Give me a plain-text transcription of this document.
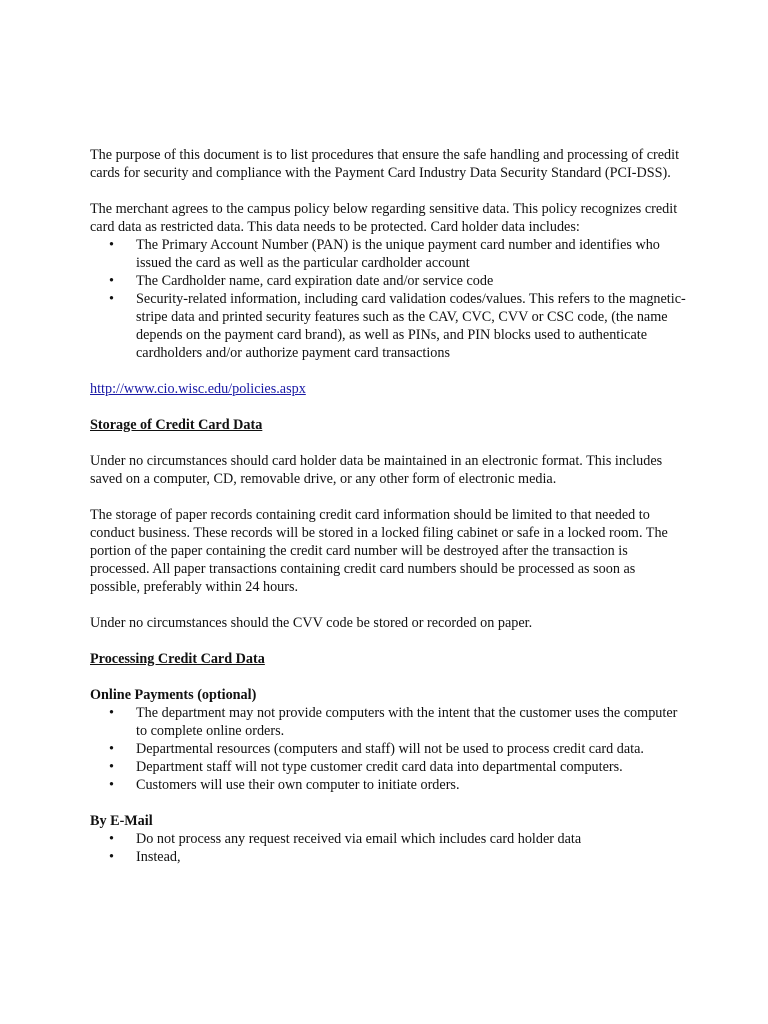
The purpose of this document is to list procedures that ensure the safe handling and processing of credit cards for security and compliance with the Payment Card Industry Data Security Standard (PCI-DSS).

The merchant agrees to the campus policy below regarding sensitive data. This policy recognizes credit card data as restricted data. This data needs to be protected. Card holder data includes:

• The Primary Account Number (PAN) is the unique payment card number and identifies who issued the card as well as the particular cardholder account
• The Cardholder name, card expiration date and/or service code
• Security-related information, including card validation codes/values. This refers to the magnetic-stripe data and printed security features such as the CAV, CVC, CVV or CSC code, (the name depends on the payment card brand), as well as PINs, and PIN blocks used to authenticate cardholders and/or authorize payment card transactions

http://www.cio.wisc.edu/policies.aspx

Storage of Credit Card Data

Under no circumstances should card holder data be maintained in an electronic format. This includes saved on a computer, CD, removable drive, or any other form of electronic media.

The storage of paper records containing credit card information should be limited to that needed to conduct business. These records will be stored in a locked filing cabinet or safe in a locked room. The portion of the paper containing the credit card number will be destroyed after the transaction is processed. All paper transactions containing credit card numbers should be processed as soon as possible, preferably within 24 hours.

Under no circumstances should the CVV code be stored or recorded on paper.

Processing Credit Card Data

Online Payments (optional)

• The department may not provide computers with the intent that the customer uses the computer to complete online orders.
• Departmental resources (computers and staff) will not be used to process credit card data.
• Department staff will not type customer credit card data into departmental computers.
• Customers will use their own computer to initiate orders.

By E-Mail

• Do not process any request received via email which includes card holder data
• Instead,
